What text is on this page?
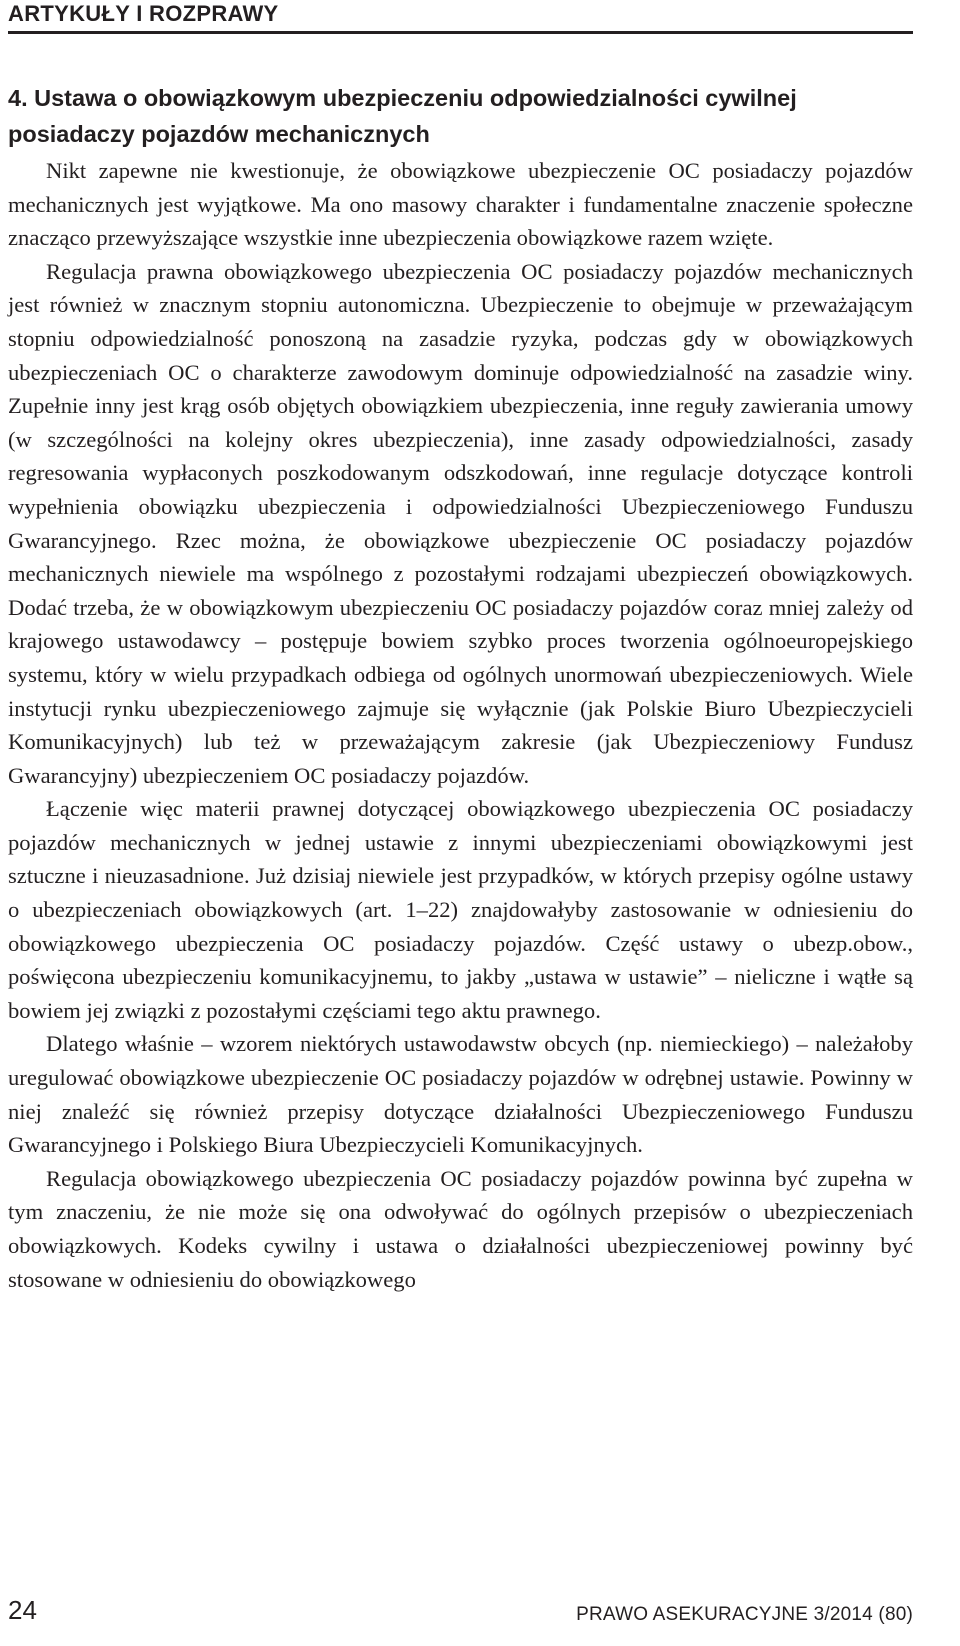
ARTYKUŁY I ROZPRAWY
4. Ustawa o obowiązkowym ubezpieczeniu odpowiedzialności cywilnej posiadaczy pojazdów mechanicznych

Nikt zapewne nie kwestionuje, że obowiązkowe ubezpieczenie OC posiadaczy pojazdów mechanicznych jest wyjątkowe. Ma ono masowy charakter i fundamentalne znaczenie społeczne znacząco przewyższające wszystkie inne ubezpieczenia obowiązkowe razem wzięte.

Regulacja prawna obowiązkowego ubezpieczenia OC posiadaczy pojazdów mechanicznych jest również w znacznym stopniu autonomiczna. Ubezpieczenie to obejmuje w przeważającym stopniu odpowiedzialność ponoszoną na zasadzie ryzyka, podczas gdy w obowiązkowych ubezpieczeniach OC o charakterze zawodowym dominuje odpowiedzialność na zasadzie winy. Zupełnie inny jest krąg osób objętych obowiązkiem ubezpieczenia, inne reguły zawierania umowy (w szczególności na kolejny okres ubezpieczenia), inne zasady odpowiedzialności, zasady regresowania wypłaconych poszkodowanym odszkodowań, inne regulacje dotyczące kontroli wypełnienia obowiązku ubezpieczenia i odpowiedzialności Ubezpieczeniowego Funduszu Gwarancyjnego. Rzec można, że obowiązkowe ubezpieczenie OC posiadaczy pojazdów mechanicznych niewiele ma wspólnego z pozostałymi rodzajami ubezpieczeń obowiązkowych. Dodać trzeba, że w obowiązkowym ubezpieczeniu OC posiadaczy pojazdów coraz mniej zależy od krajowego ustawodawcy – postępuje bowiem szybko proces tworzenia ogólnoeuropejskiego systemu, który w wielu przypadkach odbiega od ogólnych unormowań ubezpieczeniowych. Wiele instytucji rynku ubezpieczeniowego zajmuje się wyłącznie (jak Polskie Biuro Ubezpieczycieli Komunikacyjnych) lub też w przeważającym zakresie (jak Ubezpieczeniowy Fundusz Gwarancyjny) ubezpieczeniem OC posiadaczy pojazdów.

Łączenie więc materii prawnej dotyczącej obowiązkowego ubezpieczenia OC posiadaczy pojazdów mechanicznych w jednej ustawie z innymi ubezpieczeniami obowiązkowymi jest sztuczne i nieuzasadnione. Już dzisiaj niewiele jest przypadków, w których przepisy ogólne ustawy o ubezpieczeniach obowiązkowych (art. 1–22) znajdowałyby zastosowanie w odniesieniu do obowiązkowego ubezpieczenia OC posiadaczy pojazdów. Część ustawy o ubezp.obow., poświęcona ubezpieczeniu komunikacyjnemu, to jakby „ustawa w ustawie” – nieliczne i wątłe są bowiem jej związki z pozostałymi częściami tego aktu prawnego.

Dlatego właśnie – wzorem niektórych ustawodawstw obcych (np. niemieckiego) – należałoby uregulować obowiązkowe ubezpieczenie OC posiadaczy pojazdów w odrębnej ustawie. Powinny w niej znaleźć się również przepisy dotyczące działalności Ubezpieczeniowego Funduszu Gwarancyjnego i Polskiego Biura Ubezpieczycieli Komunikacyjnych.

Regulacja obowiązkowego ubezpieczenia OC posiadaczy pojazdów powinna być zupełna w tym znaczeniu, że nie może się ona odwoływać do ogólnych przepisów o ubezpieczeniach obowiązkowych. Kodeks cywilny i ustawa o działalności ubezpieczeniowej powinny być stosowane w odniesieniu do obowiązkowego

24	PRAWO ASEKURACYJNE 3/2014 (80)
